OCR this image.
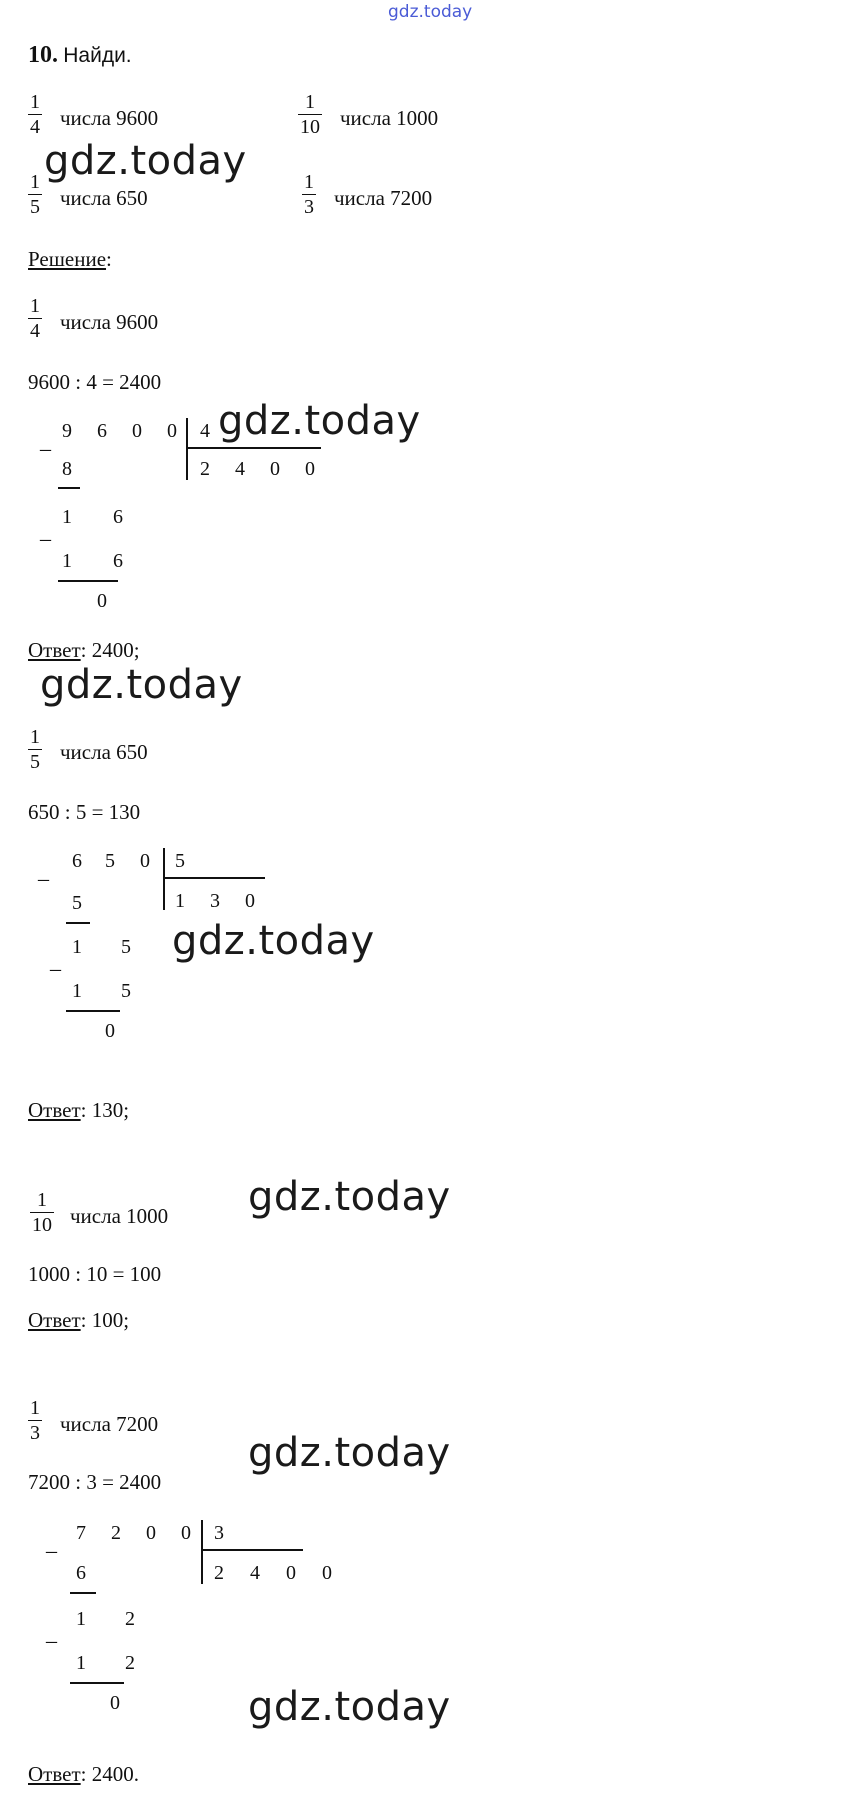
gdz.today
10. Найди.
1
4 числа 9600
1
10 числа 1000
1
5 числа 650
1
3 числа 7200
Решение:
1
4 числа 9600
9600 : 4 = 2400
_ 9 6 0 0 4
2 4 0 0
8
_
1 6
1 6
0
Ответ: 2400;
1
5 числа 650
650 : 5 = 130
_ 6 5 0 5
1 3 0
5
_
1 5
1 5
0
Ответ: 130;
1
10 числа 1000
1000 : 10 = 100
Ответ: 100;
1
3 числа 7200
7200 : 3 = 2400
_ 7 2 0 0 3
2 4 0 0
6
_
1 2
1 2
0
Ответ: 2400.
gdz.today
gdz.today
gdz.today
gdz.today
gdz.today
gdz.today
gdz.today
